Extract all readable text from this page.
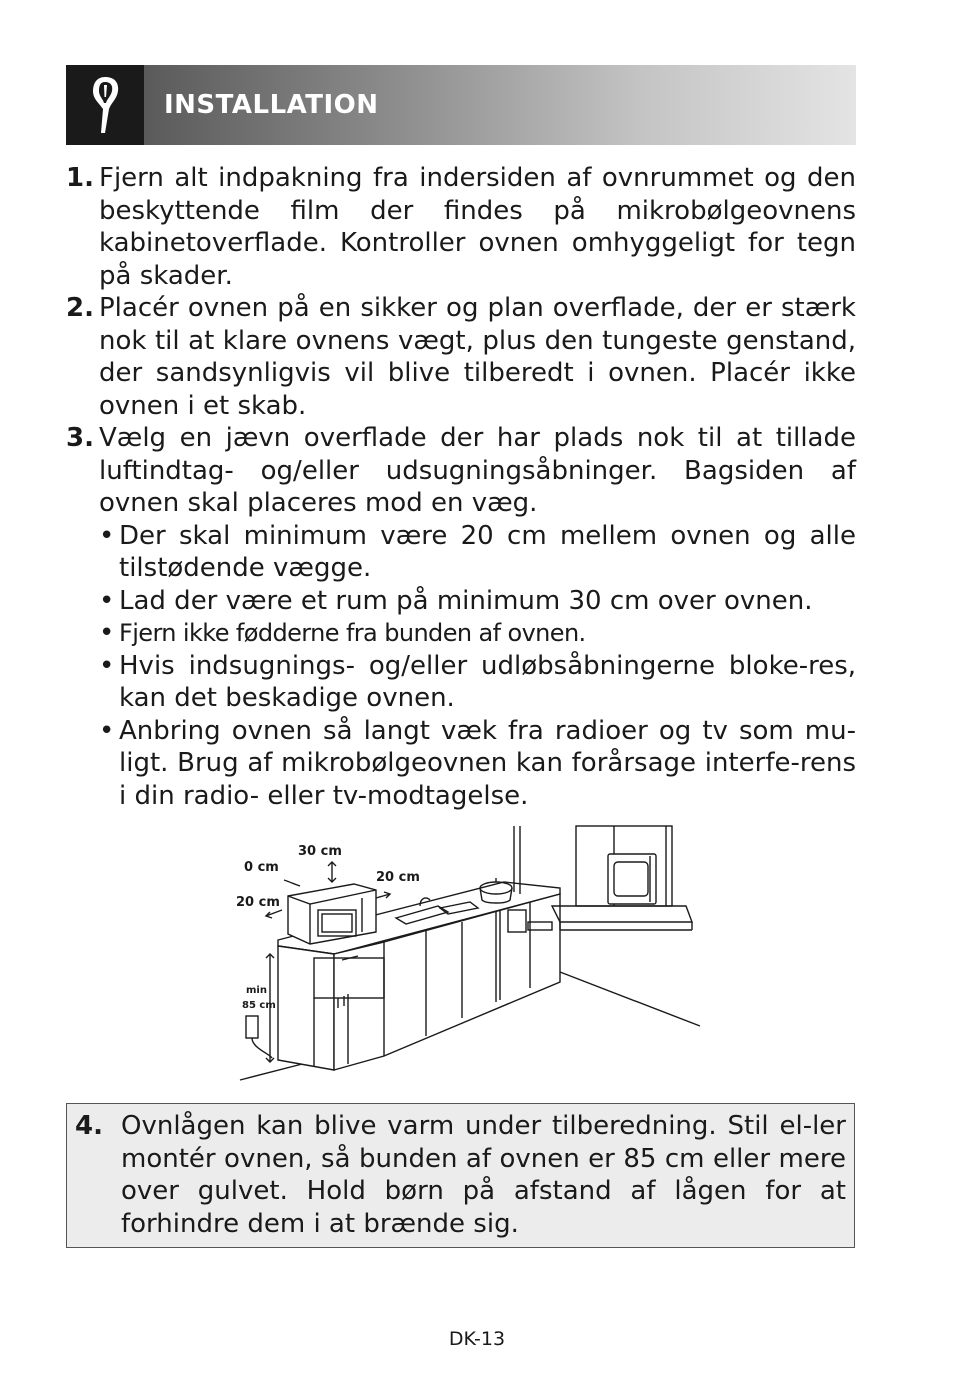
INSTALLATION
1. Fjern alt indpakning fra indersiden af ovnrummet og den beskyttende film der findes på mikrobølgeovnens kabinetoverflade. Kontroller ovnen omhyggeligt for tegn på skader.
2. Placér ovnen på en sikker og plan overflade, der er stærk nok til at klare ovnens vægt, plus den tungeste genstand, der sandsynligvis vil blive tilberedt i ovnen. Placér ikke ovnen i et skab.
3. Vælg en jævn overflade der har plads nok til at tillade luftindtag- og/eller udsugningsåbninger. Bagsiden af ovnen skal placeres mod en væg.
• Der skal minimum være 20 cm mellem ovnen og alle tilstødende vægge.
• Lad der være et rum på minimum 30 cm over ovnen.
• Fjern ikke fødderne fra bunden af ovnen.
• Hvis indsugnings- og/eller udløbsåbningerne bloke-res, kan det beskadige ovnen.
• Anbring ovnen så langt væk fra radioer og tv som mu-ligt. Brug af mikrobølgeovnen kan forårsage interfe-rens i din radio- eller tv-modtagelse.
30 cm
0 cm
20 cm
20 cm
min
85 cm
4. Ovnlågen kan blive varm under tilberedning. Stil el-ler montér ovnen, så bunden af ovnen er 85 cm eller mere over gulvet. Hold børn på afstand af lågen for at forhindre dem i at brænde sig.
DK-13
